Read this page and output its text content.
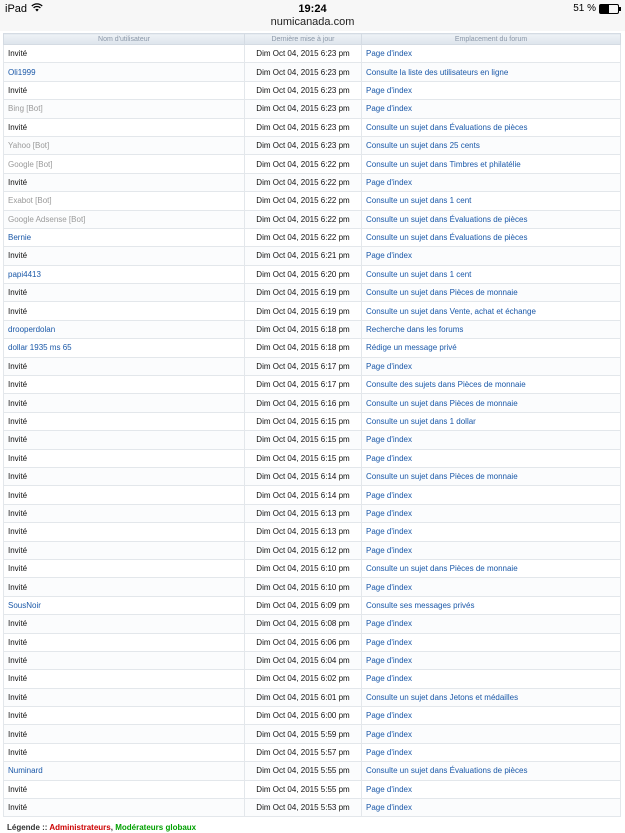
iPad	19:24
numicanada.com
51 %
Nom d'utilisateur	Dernière mise à jour	Emplacement du forum
Invité	Dim Oct 04, 2015 6:23 pm	Page d'index
Oli1999	Dim Oct 04, 2015 6:23 pm	Consulte la liste des utilisateurs en ligne
Invité	Dim Oct 04, 2015 6:23 pm	Page d'index
Bing [Bot]	Dim Oct 04, 2015 6:23 pm	Page d'index
Invité	Dim Oct 04, 2015 6:23 pm	Consulte un sujet dans Évaluations de pièces
Yahoo [Bot]	Dim Oct 04, 2015 6:23 pm	Consulte un sujet dans 25 cents
Google [Bot]	Dim Oct 04, 2015 6:22 pm	Consulte un sujet dans Timbres et philatélie
Invité	Dim Oct 04, 2015 6:22 pm	Page d'index
Exabot [Bot]	Dim Oct 04, 2015 6:22 pm	Consulte un sujet dans 1 cent
Google Adsense [Bot]	Dim Oct 04, 2015 6:22 pm	Consulte un sujet dans Évaluations de pièces
Bernie	Dim Oct 04, 2015 6:22 pm	Consulte un sujet dans Évaluations de pièces
Invité	Dim Oct 04, 2015 6:21 pm	Page d'index
papi4413	Dim Oct 04, 2015 6:20 pm	Consulte un sujet dans 1 cent
Invité	Dim Oct 04, 2015 6:19 pm	Consulte un sujet dans Pièces de monnaie
Invité	Dim Oct 04, 2015 6:19 pm	Consulte un sujet dans Vente, achat et échange
drooperdolan	Dim Oct 04, 2015 6:18 pm	Recherche dans les forums
dollar 1935 ms 65	Dim Oct 04, 2015 6:18 pm	Rédige un message privé
Invité	Dim Oct 04, 2015 6:17 pm	Page d'index
Invité	Dim Oct 04, 2015 6:17 pm	Consulte des sujets dans Pièces de monnaie
Invité	Dim Oct 04, 2015 6:16 pm	Consulte un sujet dans Pièces de monnaie
Invité	Dim Oct 04, 2015 6:15 pm	Consulte un sujet dans 1 dollar
Invité	Dim Oct 04, 2015 6:15 pm	Page d'index
Invité	Dim Oct 04, 2015 6:15 pm	Page d'index
Invité	Dim Oct 04, 2015 6:14 pm	Consulte un sujet dans Pièces de monnaie
Invité	Dim Oct 04, 2015 6:14 pm	Page d'index
Invité	Dim Oct 04, 2015 6:13 pm	Page d'index
Invité	Dim Oct 04, 2015 6:13 pm	Page d'index
Invité	Dim Oct 04, 2015 6:12 pm	Page d'index
Invité	Dim Oct 04, 2015 6:10 pm	Consulte un sujet dans Pièces de monnaie
Invité	Dim Oct 04, 2015 6:10 pm	Page d'index
SousNoir	Dim Oct 04, 2015 6:09 pm	Consulte ses messages privés
Invité	Dim Oct 04, 2015 6:08 pm	Page d'index
Invité	Dim Oct 04, 2015 6:06 pm	Page d'index
Invité	Dim Oct 04, 2015 6:04 pm	Page d'index
Invité	Dim Oct 04, 2015 6:02 pm	Page d'index
Invité	Dim Oct 04, 2015 6:01 pm	Consulte un sujet dans Jetons et médailles
Invité	Dim Oct 04, 2015 6:00 pm	Page d'index
Invité	Dim Oct 04, 2015 5:59 pm	Page d'index
Invité	Dim Oct 04, 2015 5:57 pm	Page d'index
Numinard	Dim Oct 04, 2015 5:55 pm	Consulte un sujet dans Évaluations de pièces
Invité	Dim Oct 04, 2015 5:55 pm	Page d'index
Invité	Dim Oct 04, 2015 5:53 pm	Page d'index
Légende :: Administrateurs, Modérateurs globaux
